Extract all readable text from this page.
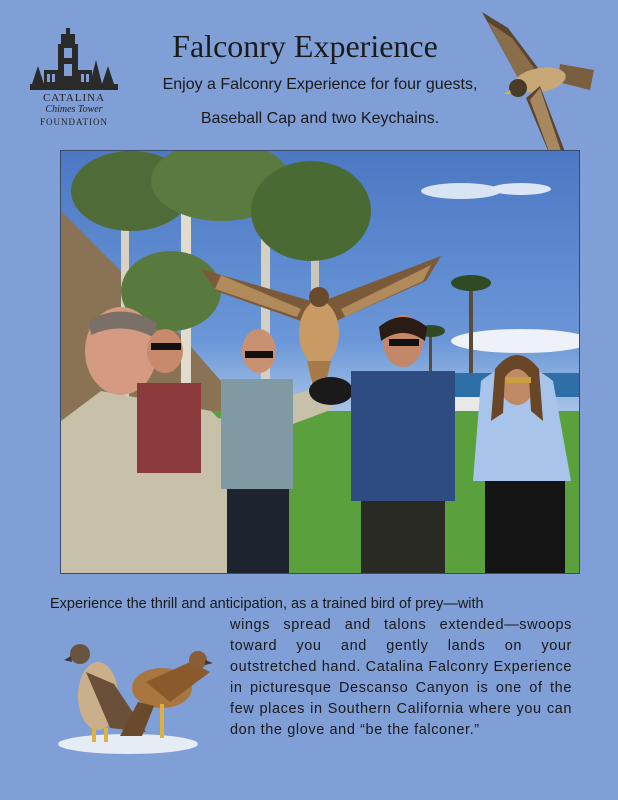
CATALINA
Chimes Tower
FOUNDATION
Falconry Experience
Enjoy a Falconry Experience for four guests,
Baseball Cap and two Keychains.
Experience the thrill and anticipation, as a trained bird of prey—with
wings spread and talons extended—swoops toward you and gently lands on your outstretched hand. Catalina Falconry Experience in picturesque Descanso Canyon is one of the few places in Southern California where you can don the glove and “be the falconer.”
